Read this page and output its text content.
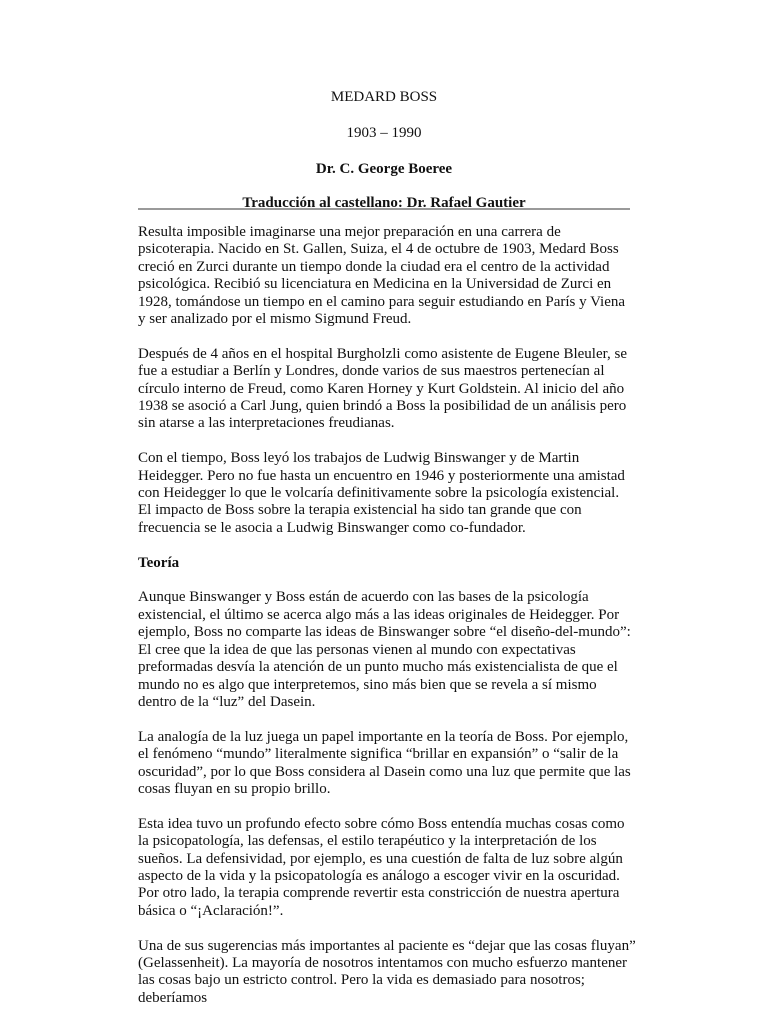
MEDARD BOSS
1903 – 1990
Dr. C. George Boeree
Traducción al castellano: Dr. Rafael Gautier

Resulta imposible imaginarse una mejor preparación en una carrera de psicoterapia. Nacido en St. Gallen, Suiza, el 4 de octubre de 1903, Medard Boss creció en Zurci durante un tiempo donde la ciudad era el centro de la actividad psicológica. Recibió su licenciatura en Medicina en la Universidad de Zurci en 1928, tomándose un tiempo en el camino para seguir estudiando en París y Viena y ser analizado por el mismo Sigmund Freud.

Después de 4 años en el hospital Burgholzli como asistente de Eugene Bleuler, se fue a estudiar a Berlín y Londres, donde varios de sus maestros pertenecían al círculo interno de Freud, como Karen Horney y Kurt Goldstein. Al inicio del año 1938 se asoció a Carl Jung, quien brindó a Boss la posibilidad de un análisis pero sin atarse a las interpretaciones freudianas.

Con el tiempo, Boss leyó los trabajos de Ludwig Binswanger y de Martin Heidegger. Pero no fue hasta un encuentro en 1946 y posteriormente una amistad con Heidegger lo que le volcaría definitivamente sobre la psicología existencial. El impacto de Boss sobre la terapia existencial ha sido tan grande que con frecuencia se le asocia a Ludwig Binswanger como co-fundador.

Teoría

Aunque Binswanger y Boss están de acuerdo con las bases de la psicología existencial, el último se acerca algo más a las ideas originales de Heidegger. Por ejemplo, Boss no comparte las ideas de Binswanger sobre “el diseño-del-mundo”: El cree que la idea de que las personas vienen al mundo con expectativas preformadas desvía la atención de un punto mucho más existencialista de que el mundo no es algo que interpretemos, sino más bien que se revela a sí mismo dentro de la “luz” del Dasein.

La analogía de la luz juega un papel importante en la teoría de Boss. Por ejemplo, el fenómeno “mundo” literalmente significa “brillar en expansión” o “salir de la oscuridad”, por lo que Boss considera al Dasein como una luz que permite que las cosas fluyan en su propio brillo.

Esta idea tuvo un profundo efecto sobre cómo Boss entendía muchas cosas como la psicopatología, las defensas, el estilo terapéutico y la interpretación de los sueños. La defensividad, por ejemplo, es una cuestión de falta de luz sobre algún aspecto de la vida y la psicopatología es análogo a escoger vivir en la oscuridad. Por otro lado, la terapia comprende revertir esta constricción de nuestra apertura básica o “¡Aclaración!”.

Una de sus sugerencias más importantes al paciente es “dejar que las cosas fluyan” (Gelassenheit). La mayoría de nosotros intentamos con mucho esfuerzo mantener las cosas bajo un estricto control. Pero la vida es demasiado para nosotros; deberíamos
